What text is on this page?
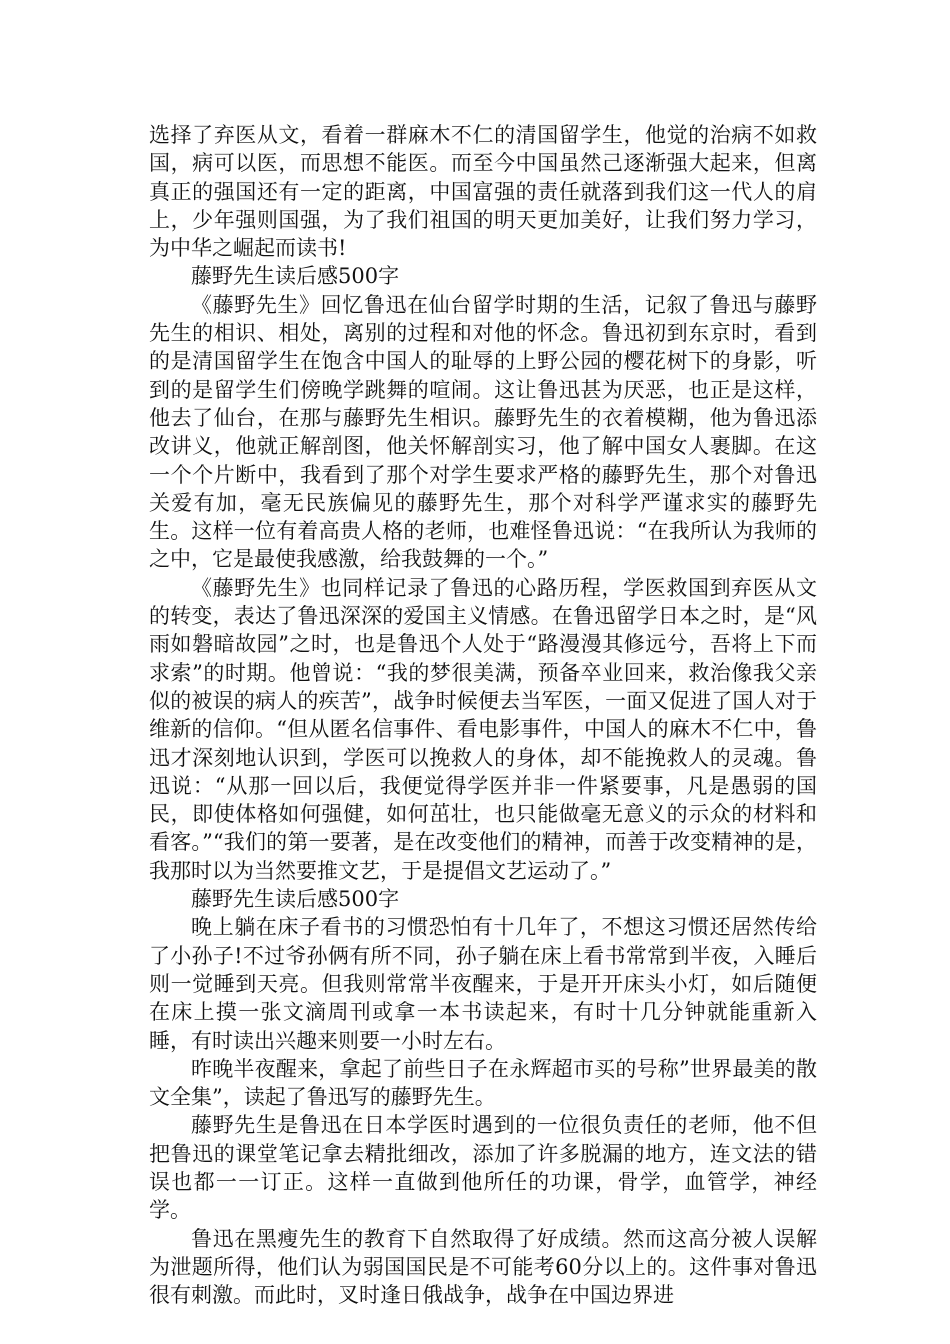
选择了弃医从文，看着一群麻木不仁的清国留学生，他觉的治病不如救国，病可以医，而思想不能医。而至今中国虽然己逐渐强大起来，但离真正的强国还有一定的距离，中国富强的责任就落到我们这一代人的肩上，少年强则国强，为了我们祖国的明天更加美好，让我们努力学习，为中华之崛起而读书!

藤野先生读后感500字

《藤野先生》回忆鲁迅在仙台留学时期的生活，记叙了鲁迅与藤野先生的相识、相处，离别的过程和对他的怀念。鲁迅初到东京时，看到的是清国留学生在饱含中国人的耻辱的上野公园的樱花树下的身影，听到的是留学生们傍晚学跳舞的喧闹。这让鲁迅甚为厌恶，也正是这样，他去了仙台，在那与藤野先生相识。藤野先生的衣着模糊，他为鲁迅添改讲义，他就正解剖图，他关怀解剖实习，他了解中国女人裹脚。在这一个个片断中，我看到了那个对学生要求严格的藤野先生，那个对鲁迅关爱有加，毫无民族偏见的藤野先生，那个对科学严谨求实的藤野先生。这样一位有着高贵人格的老师，也难怪鲁迅说：“在我所认为我师的之中，它是最使我感激，给我鼓舞的一个。”

《藤野先生》也同样记录了鲁迅的心路历程，学医救国到弃医从文的转变，表达了鲁迅深深的爱国主义情感。在鲁迅留学日本之时，是“风雨如磐暗故园”之时，也是鲁迅个人处于“路漫漫其修远兮，吾将上下而求索”的时期。他曾说：“我的梦很美满，预备卒业回来，救治像我父亲似的被误的病人的疾苦”，战争时候便去当军医，一面又促进了国人对于维新的信仰。“但从匿名信事件、看电影事件，中国人的麻木不仁中，鲁迅才深刻地认识到，学医可以挽救人的身体，却不能挽救人的灵魂。鲁迅说：“从那一回以后，我便觉得学医并非一件紧要事，凡是愚弱的国民，即使体格如何强健，如何茁壮，也只能做毫无意义的示众的材料和看客。”“我们的第一要著，是在改变他们的精神，而善于改变精神的是，我那时以为当然要推文艺，于是提倡文艺运动了。”

藤野先生读后感500字

晚上躺在床子看书的习惯恐怕有十几年了，不想这习惯还居然传给了小孙子!不过爷孙俩有所不同，孙子躺在床上看书常常到半夜，入睡后则一觉睡到天亮。但我则常常半夜醒来，于是开开床头小灯，如后随便在床上摸一张文滴周刊或拿一本书读起来，有时十几分钟就能重新入睡，有时读出兴趣来则要一小时左右。

昨晚半夜醒来，拿起了前些日子在永辉超市买的号称”世界最美的散文全集”，读起了鲁迅写的藤野先生。

藤野先生是鲁迅在日本学医时遇到的一位很负责任的老师，他不但把鲁迅的课堂笔记拿去精批细改，添加了许多脱漏的地方，连文法的错误也都一一订正。这样一直做到他所任的功课，骨学，血管学，神经学。

鲁迅在黑瘦先生的教育下自然取得了好成绩。然而这高分被人误解为泄题所得，他们认为弱国国民是不可能考60分以上的。这件事对鲁迅很有刺激。而此时，叉时逢日俄战争，战争在中国边界进
